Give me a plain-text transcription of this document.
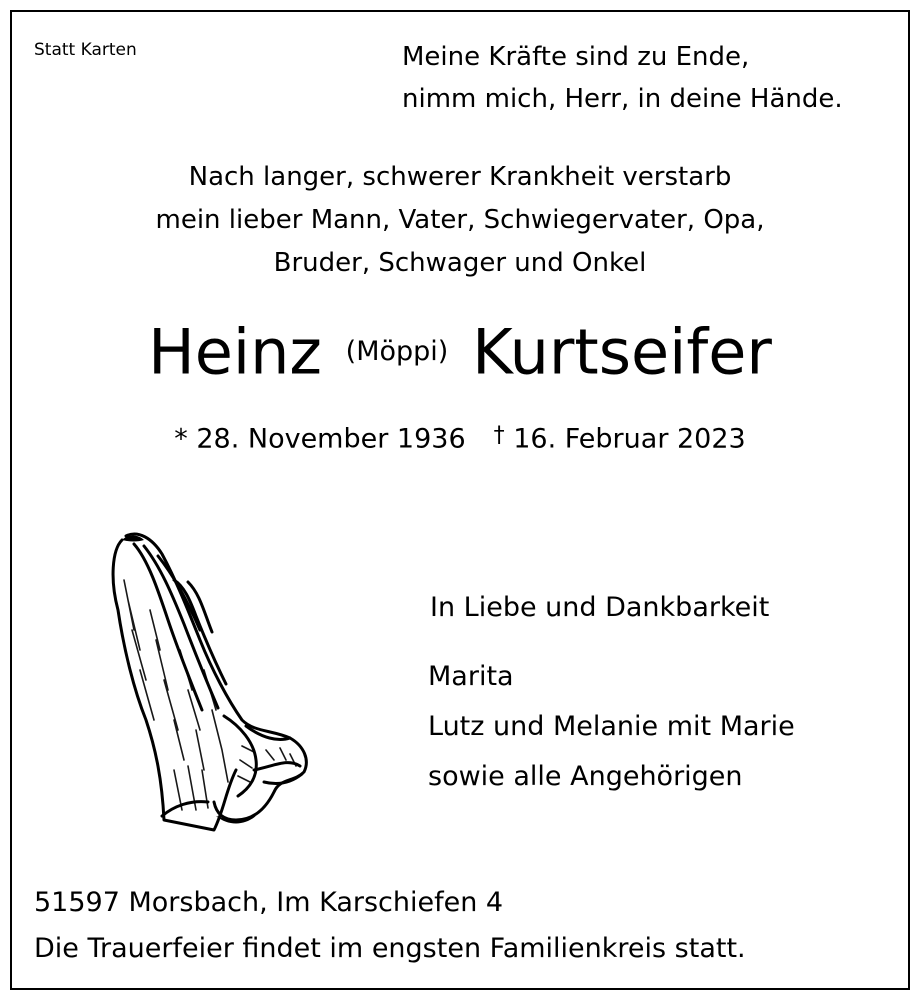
Statt Karten	Meine Kräfte sind zu Ende,
nimm mich, Herr, in deine Hände.
Nach langer, schwerer Krankheit verstarb
mein lieber Mann, Vater, Schwiegervater, Opa,
Bruder, Schwager und Onkel
Heinz $^{(Möppi)}$ Kurtseifer
* 28. November 1936 † 16. Februar 2023
In Liebe und Dankbarkeit
Marita
Lutz und Melanie mit Marie
sowie alle Angehörigen
51597 Morsbach, Im Karschiefen 4
Die Trauerfeier findet im engsten Familienkreis statt.
